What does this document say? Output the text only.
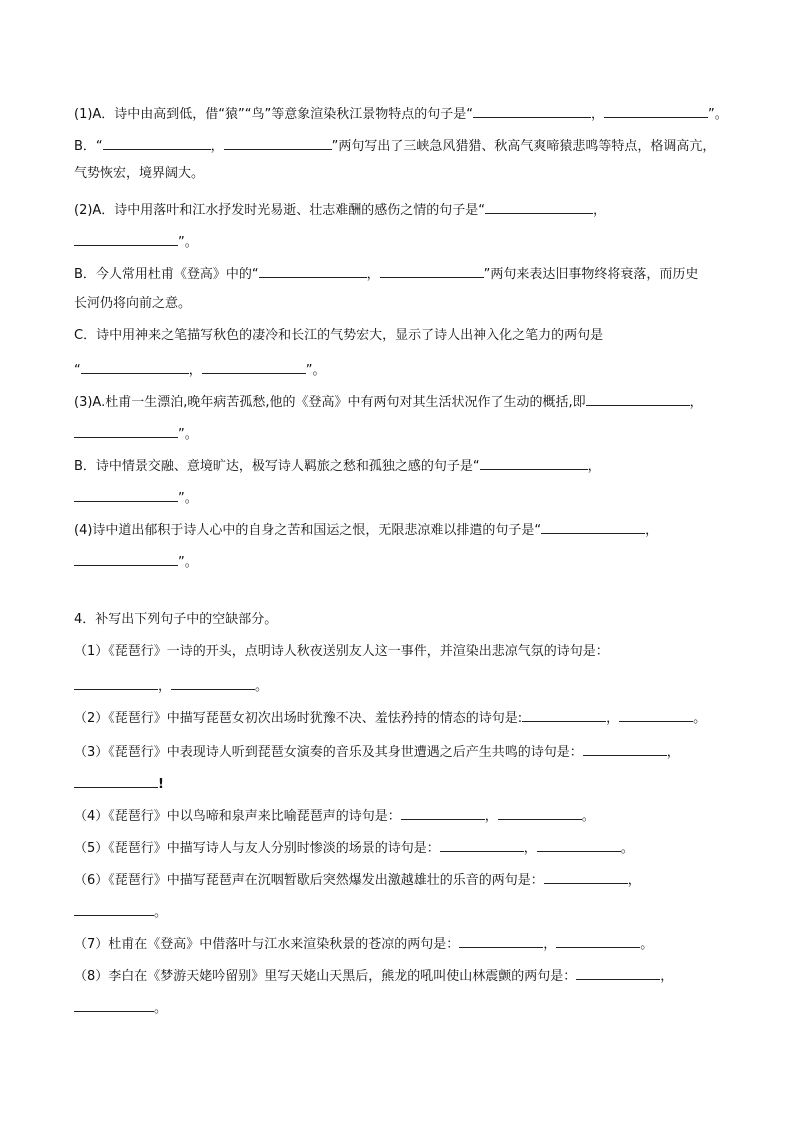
(1)A．诗中由高到低，借“猿”“鸟”等意象渲染秋江景物特点的句子是“	，	”。
B．“	，	”两句写出了三峡急风猎猎、秋高气爽啼猿悲鸣等特点，格调高亢，
气势恢宏，境界阔大。
(2)A．诗中用落叶和江水抒发时光易逝、壮志难酬的感伤之情的句子是“	，
”。
B．今人常用杜甫《登高》中的“	，	”两句来表达旧事物终将衰落，而历史
长河仍将向前之意。
C．诗中用神来之笔描写秋色的凄冷和长江的气势宏大，显示了诗人出神入化之笔力的两句是
“	，	”。
(3)A.杜甫一生漂泊,晚年病苦孤愁,他的《登高》中有两句对其生活状况作了生动的概括,即	，
”。
B．诗中情景交融、意境旷达，极写诗人羁旅之愁和孤独之感的句子是“	，
”。
(4)诗中道出郁积于诗人心中的自身之苦和国运之恨，无限悲凉难以排遣的句子是“	，
”。
4．补写出下列句子中的空缺部分。
（1）《琵琶行》一诗的开头，点明诗人秋夜送别友人这一事件，并渲染出悲凉气氛的诗句是：
，	。
（2）《琵琶行》中描写琵琶女初次出场时犹豫不决、羞怯矜持的情态的诗句是:	，	。
（3）《琵琶行》中表现诗人听到琵琶女演奏的音乐及其身世遭遇之后产生共鸣的诗句是：	，
!
（4）《琵琶行》中以鸟啼和泉声来比喻琵琶声的诗句是：	，	。
（5）《琵琶行》中描写诗人与友人分别时惨淡的场景的诗句是：	，	。
（6）《琵琶行》中描写琵琶声在沉咽暂歇后突然爆发出激越雄壮的乐音的两句是：	，
。
（7）杜甫在《登高》中借落叶与江水来渲染秋景的苍凉的两句是：	，	。
（8）李白在《梦游天姥吟留别》里写天姥山天黑后，熊龙的吼叫使山林震颤的两句是：	，
。
